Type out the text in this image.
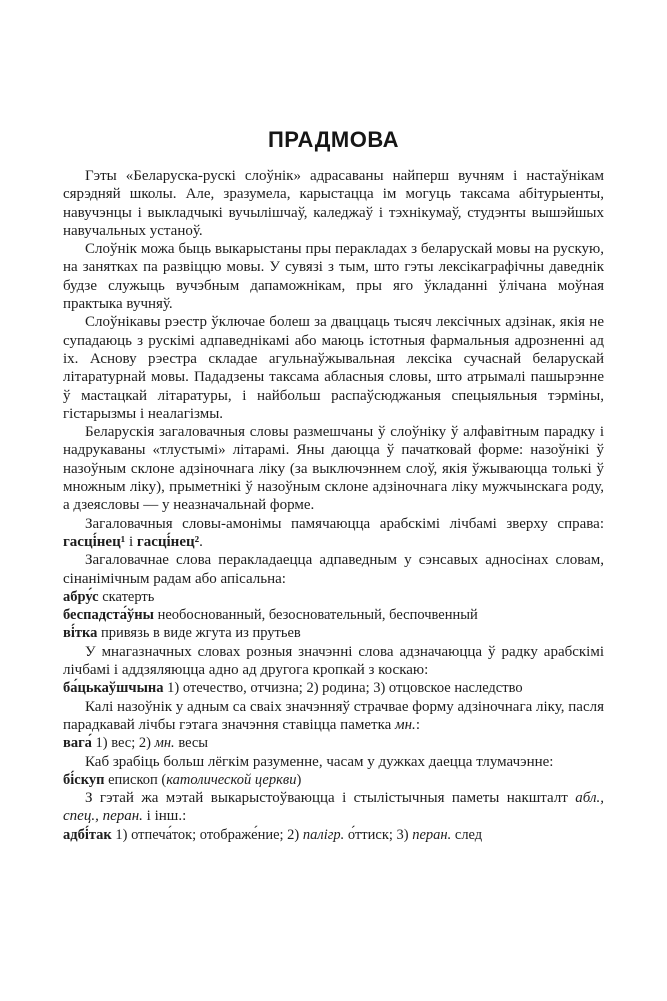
ПРАДМОВА

Гэты «Беларуска-рускі слоўнік» адрасаваны найперш вучням і настаўнікам сярэдняй школы. Але, зразумела, карыстацца ім могуць таксама абітурыенты, навучэнцы і выкладчыкі вучылішчаў, каледжаў і тэхнікумаў, студэнты вышэйшых навучальных устаноў.

Слоўнік можа быць выкарыстаны пры перакладах з беларускай мовы на рускую, на занятках па развіццю мовы. У сувязі з тым, што гэты лексікаграфічны даведнік будзе служыць вучэбным дапаможнікам, пры яго ўкладанні ўлічана моўная практыка вучняў.

Слоўнікавы рэестр ўключае болеш за дваццаць тысяч лексічных адзінак, якія не супадаюць з рускімі адпаведнікамі або маюць істотныя фармальныя адрозненні ад іх. Аснову рэестра складае агульнаўжывальная лексіка сучаснай беларускай літаратурнай мовы. Пададзены таксама абласныя словы, што атрымалі пашырэнне ў мастацкай літаратуры, і найбольш распаўсюджаныя спецыяльныя тэрміны, гістарызмы і неалагізмы.

Беларускія загаловачныя словы размешчаны ў слоўніку ў алфавітным парадку і надрукаваны «тлустымі» літарамі. Яны даюцца ў пачатковай форме: назоўнікі ў назоўным склоне адзіночнага ліку (за выключэннем слоў, якія ўжываюцца толькі ў множным ліку), прыметнікі ў назоўным склоне адзіночнага ліку мужчынскага роду, а дзеясловы — у неазначальнай форме.

Загаловачныя словы-амонімы памячаюцца арабскімі лічбамі зверху справа: гасці́нец¹ і гасці́нец².

Загаловачнае слова перакладаецца адпаведным у сэнсавых адносінах словам, сінанімічным радам або апісальна:

абру́с скатерть

беспадста́ўны необоснованный, безосновательный, беспочвенный

ві́тка привязь в виде жгута из прутьев

У мнагазначных словах розныя значэнні слова адзначаюцца ў радку арабскімі лічбамі і аддзяляюцца адно ад другога кропкай з коскаю:

ба́цькаўшчына 1) отечество, отчизна; 2) родина; 3) отцовское наследство

Калі назоўнік у адным са сваіх значэнняў страчвае форму адзіночнага ліку, пасля парадкавай лічбы гэтага значэння ставіцца паметка мн.:

вага́ 1) вес; 2) мн. весы

Каб зрабіць больш лёгкім разуменне, часам у дужках даецца тлумачэнне:

бі́скуп епископ (католической церкви)

З гэтай жа мэтай выкарыстоўваюцца і стылістычныя паметы накшталт абл., спец., перан. і інш.:

адбі́так 1) отпеча́ток; отображе́ние; 2) палігр. о́ттиск; 3) перан. след
